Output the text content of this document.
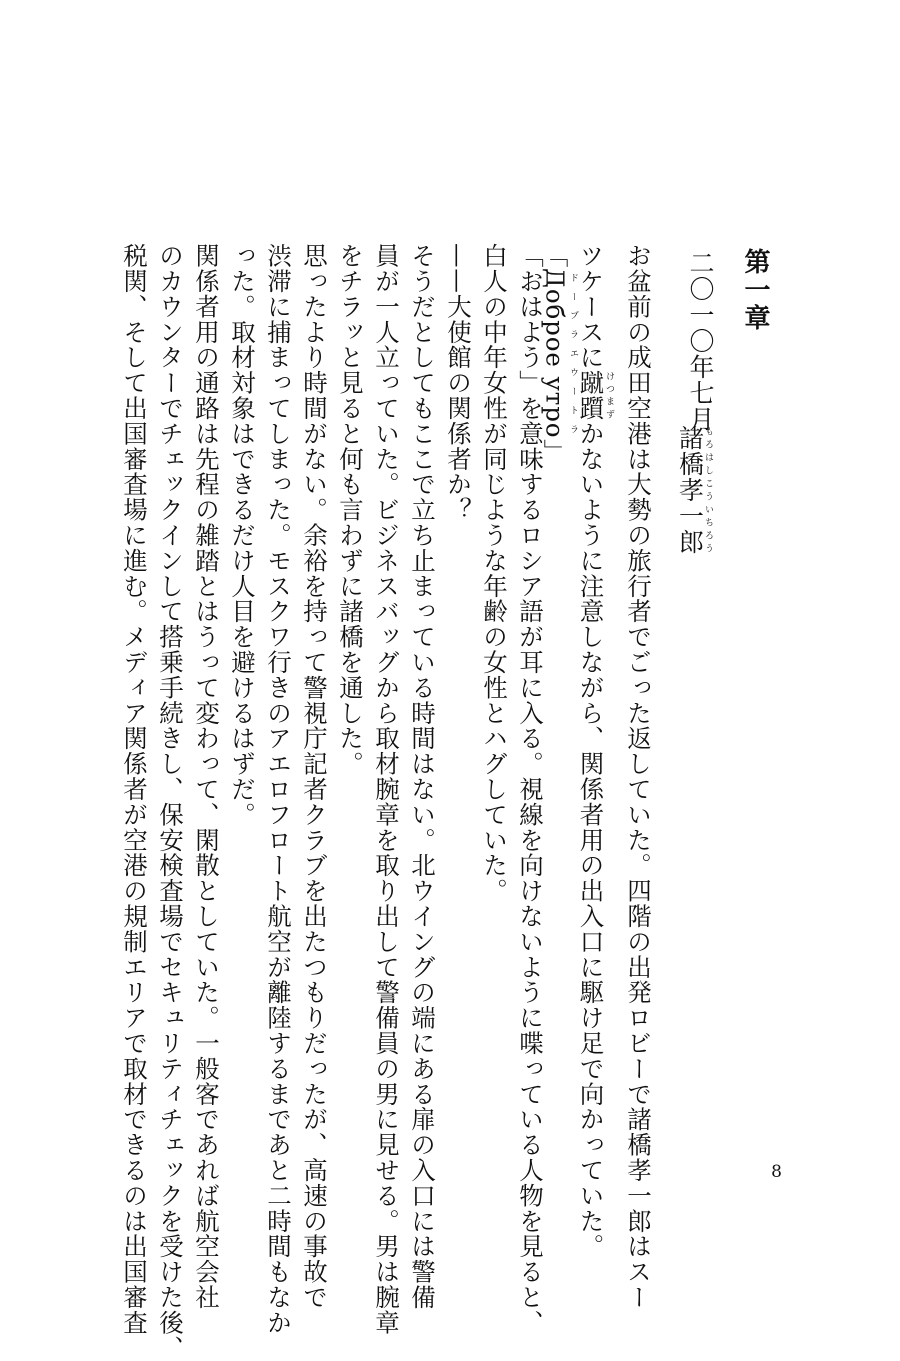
第一章
二〇一〇年七月
諸橋孝一郎もろはしこういちろう
お盆前の成田空港は大勢の旅行者でごった返していた。四階の出発ロビーで諸橋孝一郎はスー
ツケースに蹴躓けつまずかないように注意しながら、関係者用の出入口に駆け足で向かっていた。
「Доброе утроドーブラエウートラ」
「おはよう」を意味するロシア語が耳に入る。視線を向けないように喋っている人物を見ると、
白人の中年女性が同じような年齢の女性とハグしていた。
——大使館の関係者か？
そうだとしてもここで立ち止まっている時間はない。北ウイングの端にある扉の入口には警備
員が一人立っていた。ビジネスバッグから取材腕章を取り出して警備員の男に見せる。男は腕章
をチラッと見ると何も言わずに諸橋を通した。
思ったより時間がない。余裕を持って警視庁記者クラブを出たつもりだったが、高速の事故で
渋滞に捕まってしまった。モスクワ行きのアエロフロート航空が離陸するまであと二時間もなか
った。取材対象はできるだけ人目を避けるはずだ。
関係者用の通路は先程の雑踏とはうって変わって、閑散としていた。一般客であれば航空会社
のカウンターでチェックインして搭乗手続きし、保安検査場でセキュリティチェックを受けた後、
税関、そして出国審査場に進む。メディア関係者が空港の規制エリアで取材できるのは出国審査	8
